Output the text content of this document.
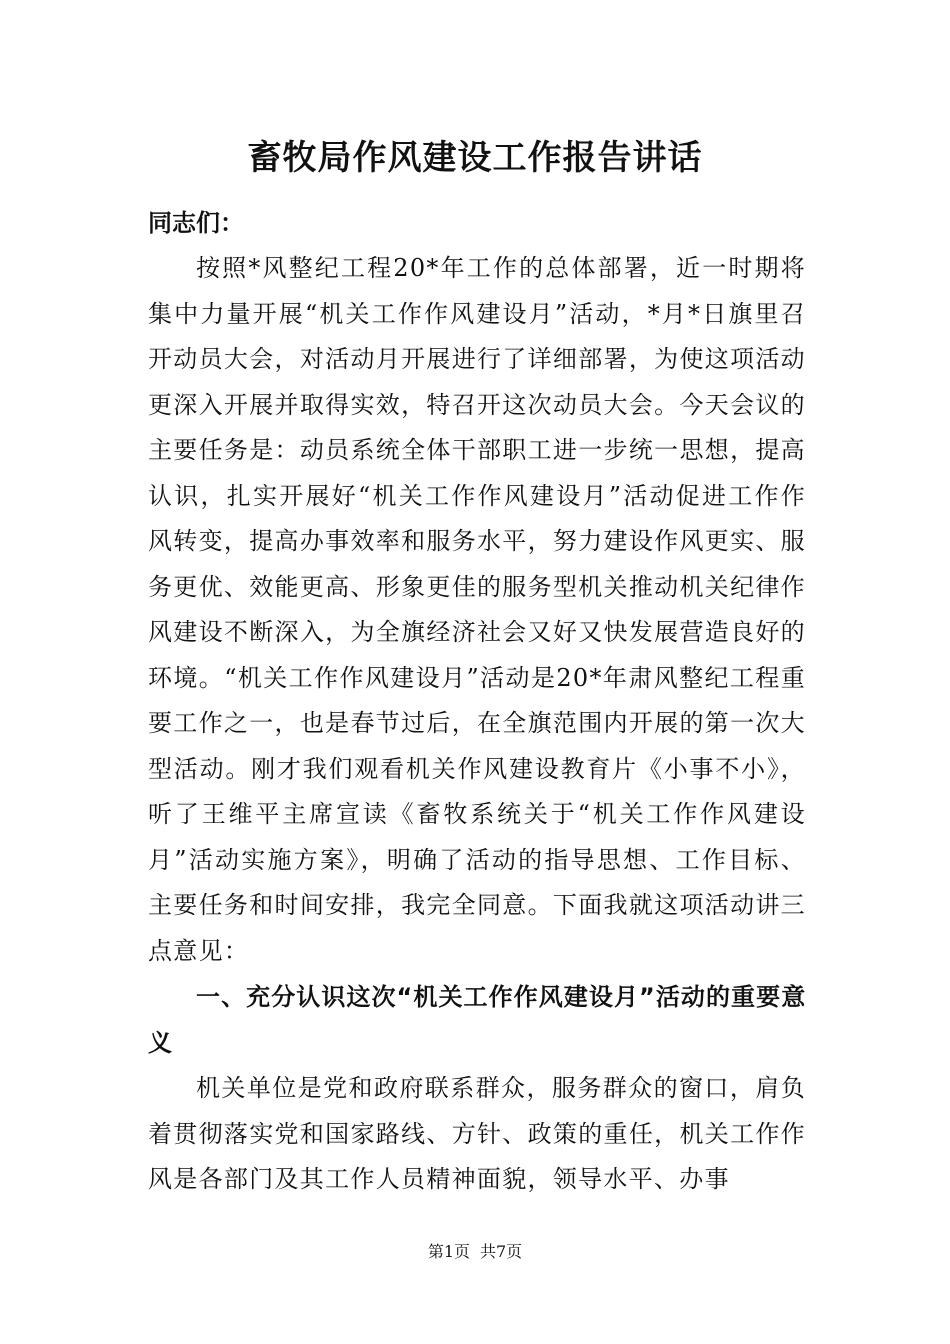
畜牧局作风建设工作报告讲话
同志们：

按照*风整纪工程20*年工作的总体部署，近一时期将集中力量开展“机关工作作风建设月”活动，*月*日旗里召开动员大会，对活动月开展进行了详细部署，为使这项活动更深入开展并取得实效，特召开这次动员大会。今天会议的主要任务是：动员系统全体干部职工进一步统一思想，提高认识，扎实开展好“机关工作作风建设月”活动促进工作作风转变，提高办事效率和服务水平，努力建设作风更实、服务更优、效能更高、形象更佳的服务型机关推动机关纪律作风建设不断深入，为全旗经济社会又好又快发展营造良好的环境。“机关工作作风建设月”活动是20*年肃风整纪工程重要工作之一，也是春节过后，在全旗范围内开展的第一次大型活动。刚才我们观看机关作风建设教育片《小事不小》，听了王维平主席宣读《畜牧系统关于“机关工作作风建设月”活动实施方案》，明确了活动的指导思想、工作目标、主要任务和时间安排，我完全同意。下面我就这项活动讲三点意见：

一、充分认识这次“机关工作作风建设月”活动的重要意义

机关单位是党和政府联系群众，服务群众的窗口，肩负着贯彻落实党和国家路线、方针、政策的重任，机关工作作风是各部门及其工作人员精神面貌，领导水平、办事

第1页 共7页
